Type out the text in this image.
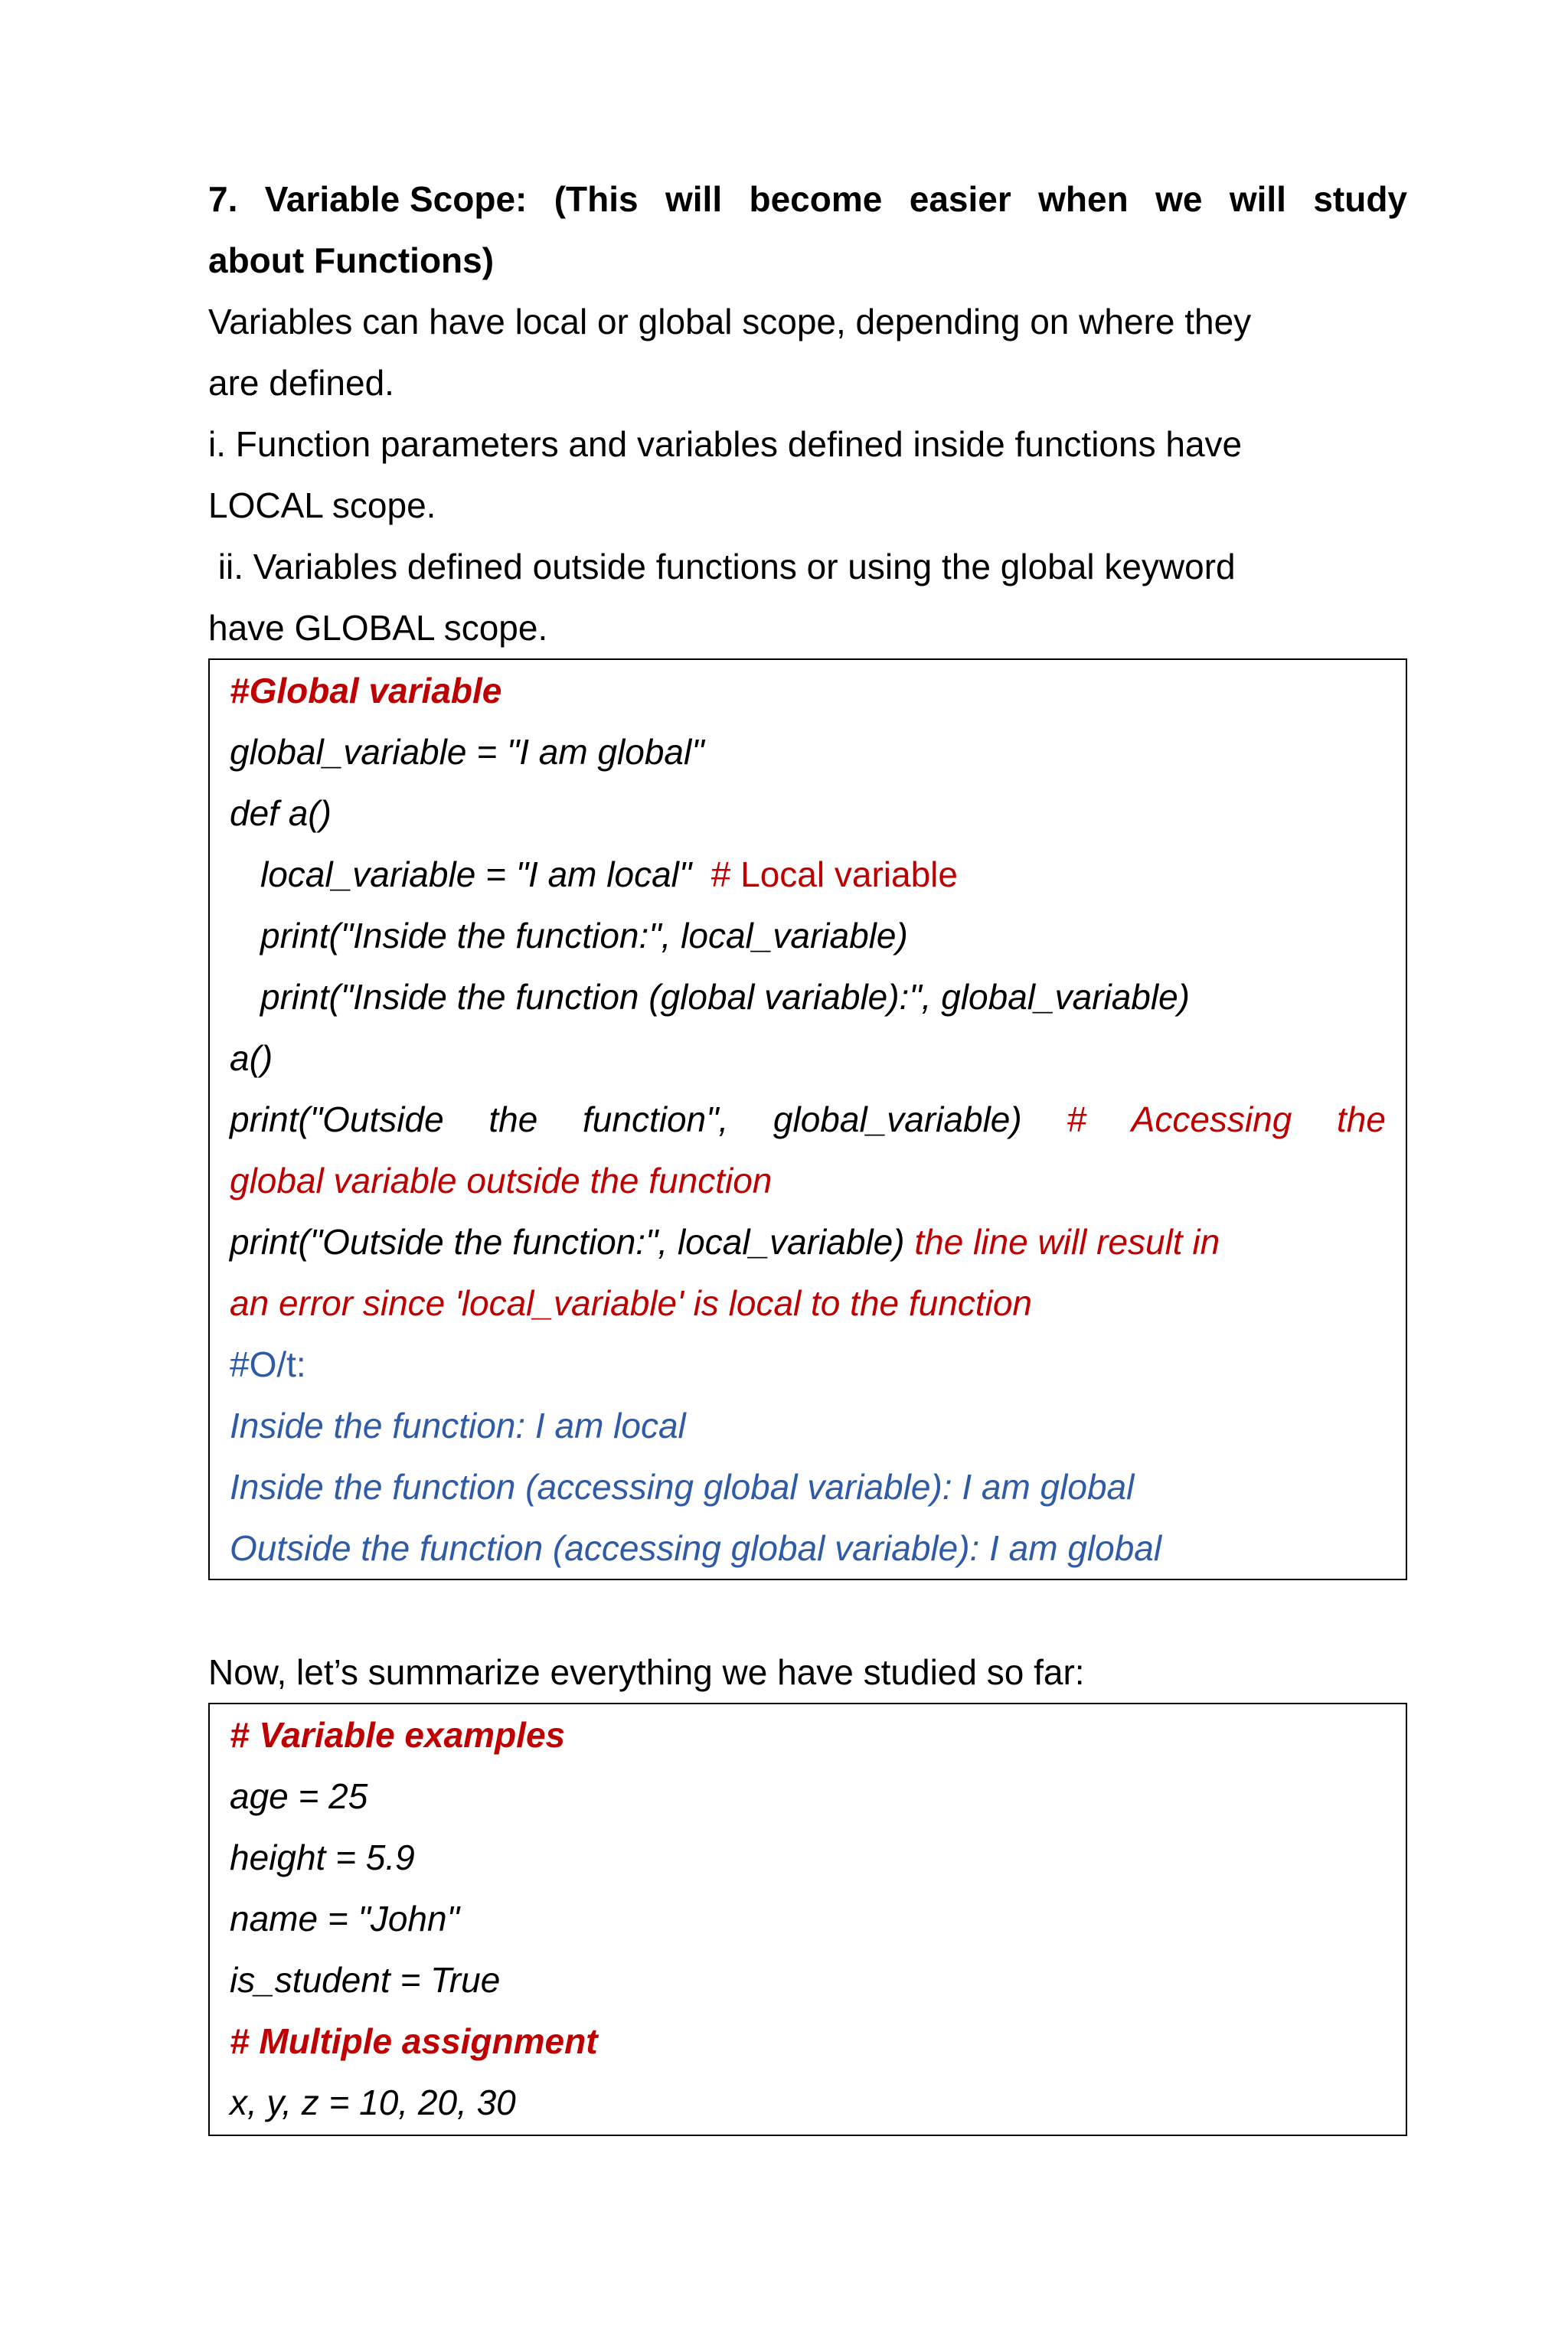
7. Variable Scope: (This will become easier when we will study
about Functions)
Variables can have local or global scope, depending on where they
are defined.
i. Function parameters and variables defined inside functions have
LOCAL scope.
ii. Variables defined outside functions or using the global keyword
have GLOBAL scope.
#Global variable
global_variable = "I am global"
def a()
local_variable = "I am local" # Local variable
print("Inside the function:", local_variable)
print("Inside the function (global variable):", global_variable)
a()
print("Outside the function", global_variable) # Accessing the
global variable outside the function
print("Outside the function:", local_variable) the line will result in
an error since 'local_variable' is local to the function
#O/t:
Inside the function: I am local
Inside the function (accessing global variable): I am global
Outside the function (accessing global variable): I am global
Now, let’s summarize everything we have studied so far:
# Variable examples
age = 25
height = 5.9
name = "John"
is_student = True
# Multiple assignment
x, y, z = 10, 20, 30
